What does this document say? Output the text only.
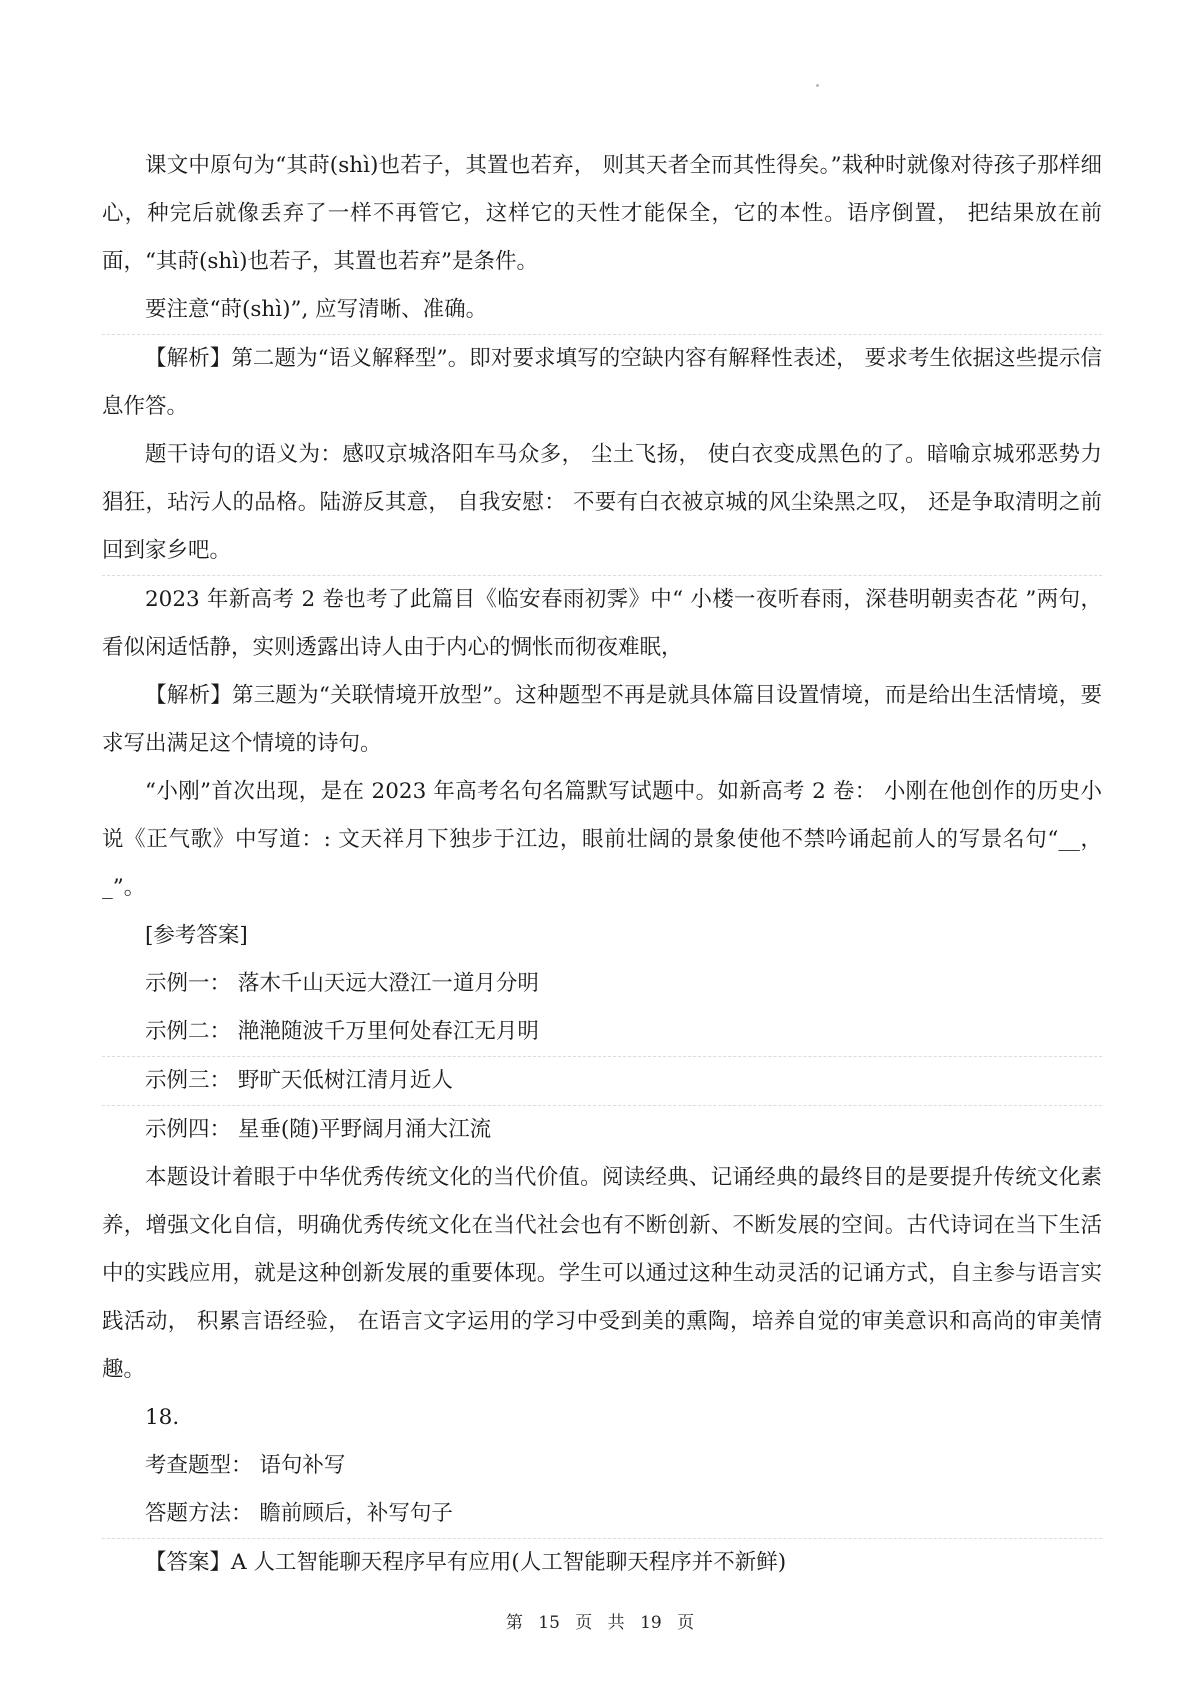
课文中原句为“其莳(shì)也若子，其置也若弃， 则其天者全而其性得矣。”栽种时就像对待孩子那样细心，种完后就像丢弃了一样不再管它，这样它的天性才能保全，它的本性。语序倒置， 把结果放在前面，“其莳(shì)也若子，其置也若弃”是条件。

要注意“莳(shì)”, 应写清晰、准确。

【解析】第二题为“语义解释型”。即对要求填写的空缺内容有解释性表述， 要求考生依据这些提示信息作答。

题干诗句的语义为：感叹京城洛阳车马众多， 尘土飞扬， 使白衣变成黑色的了。暗喻京城邪恶势力猖狂，玷污人的品格。陆游反其意， 自我安慰： 不要有白衣被京城的风尘染黑之叹， 还是争取清明之前回到家乡吧。

2023 年新高考 2 卷也考了此篇目《临安春雨初霁》中“ 小楼一夜听春雨，深巷明朝卖杏花 ”两句，看似闲适恬静，实则透露出诗人由于内心的惆怅而彻夜难眠，

【解析】第三题为“关联情境开放型”。这种题型不再是就具体篇目设置情境，而是给出生活情境，要求写出满足这个情境的诗句。

“小刚”首次出现，是在 2023 年高考名句名篇默写试题中。如新高考 2 卷： 小刚在他创作的历史小说《正气歌》中写道：: 文天祥月下独步于江边，眼前壮阔的景象使他不禁吟诵起前人的写景名句“__，_”。

[参考答案]

示例一： 落木千山天远大澄江一道月分明

示例二： 滟滟随波千万里何处春江无月明

示例三： 野旷天低树江清月近人

示例四： 星垂(随)平野阔月涌大江流

本题设计着眼于中华优秀传统文化的当代价值。阅读经典、记诵经典的最终目的是要提升传统文化素养，增强文化自信，明确优秀传统文化在当代社会也有不断创新、不断发展的空间。古代诗词在当下生活中的实践应用，就是这种创新发展的重要体现。学生可以通过这种生动灵活的记诵方式，自主参与语言实践活动， 积累言语经验， 在语言文字运用的学习中受到美的熏陶，培养自觉的审美意识和高尚的审美情趣。

18.

考查题型： 语句补写

答题方法： 瞻前顾后，补写句子

【答案】A 人工智能聊天程序早有应用(人工智能聊天程序并不新鲜)

第 15 页 共 19 页
